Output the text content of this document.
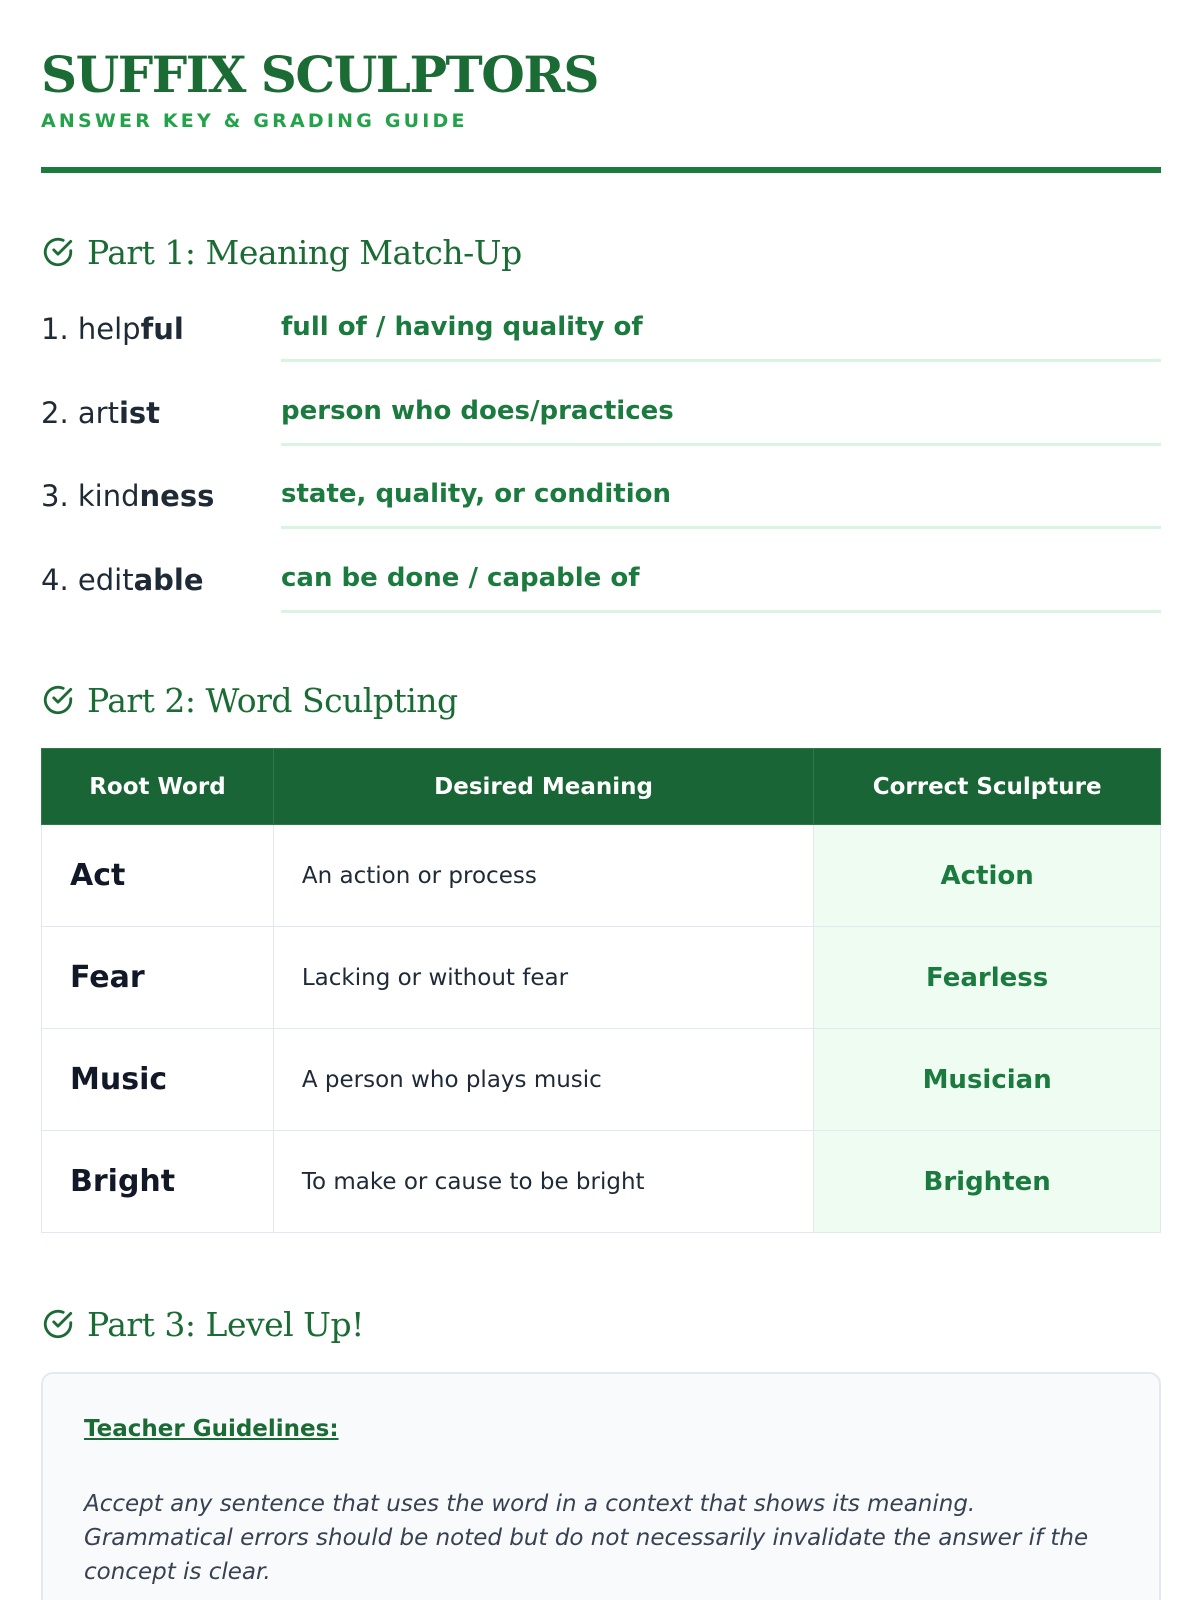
SUFFIX SCULPTORS
ANSWER KEY & GRADING GUIDE
Part 1: Meaning Match-Up
1. helpful	full of / having quality of
2. artist	person who does/practices
3. kindness	state, quality, or condition
4. editable	can be done / capable of
Part 2: Word Sculpting
Root Word	Desired Meaning	Correct Sculpture
Act	An action or process	Action
Fear	Lacking or without fear	Fearless
Music	A person who plays music	Musician
Bright	To make or cause to be bright	Brighten
Part 3: Level Up!
Teacher Guidelines:

Accept any sentence that uses the word in a context that shows its meaning. Grammatical errors should be noted but do not necessarily invalidate the answer if the concept is clear.
